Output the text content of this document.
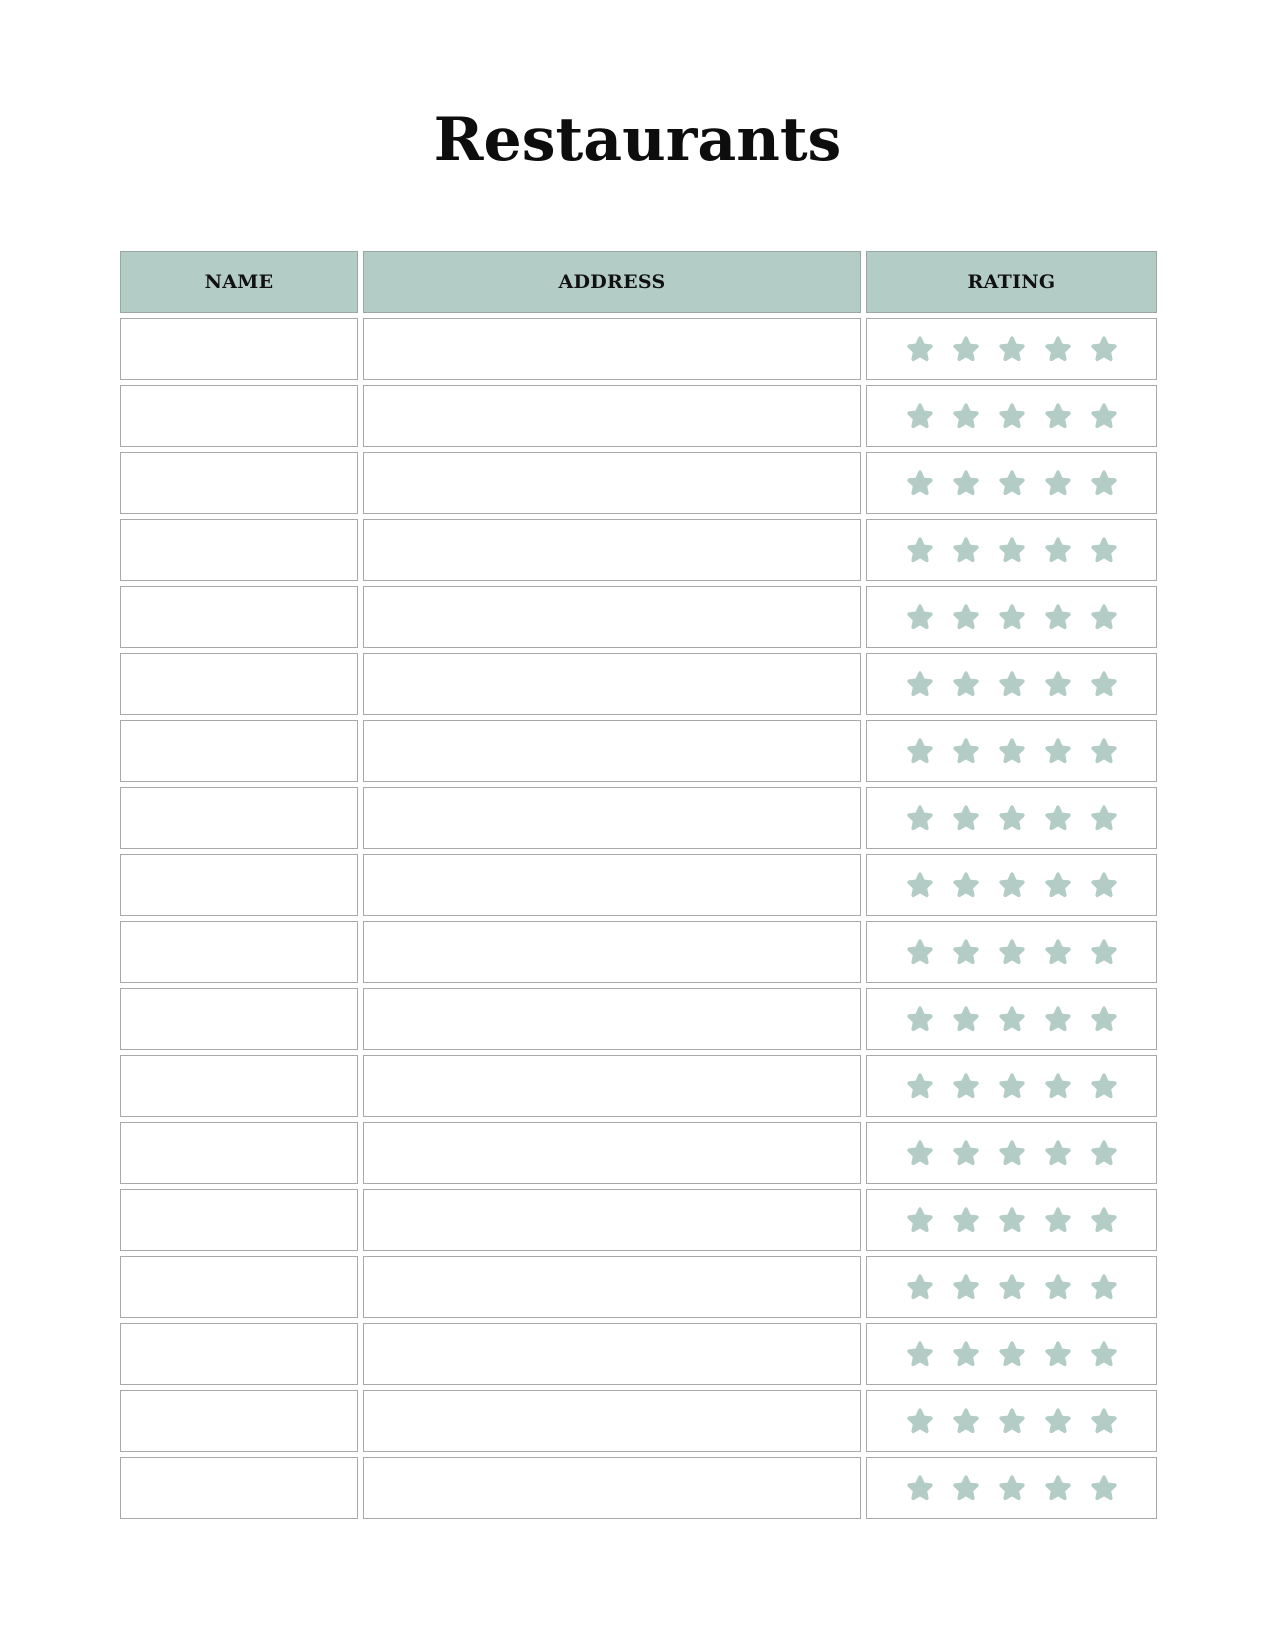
Restaurants
NAME	ADDRESS	RATING
